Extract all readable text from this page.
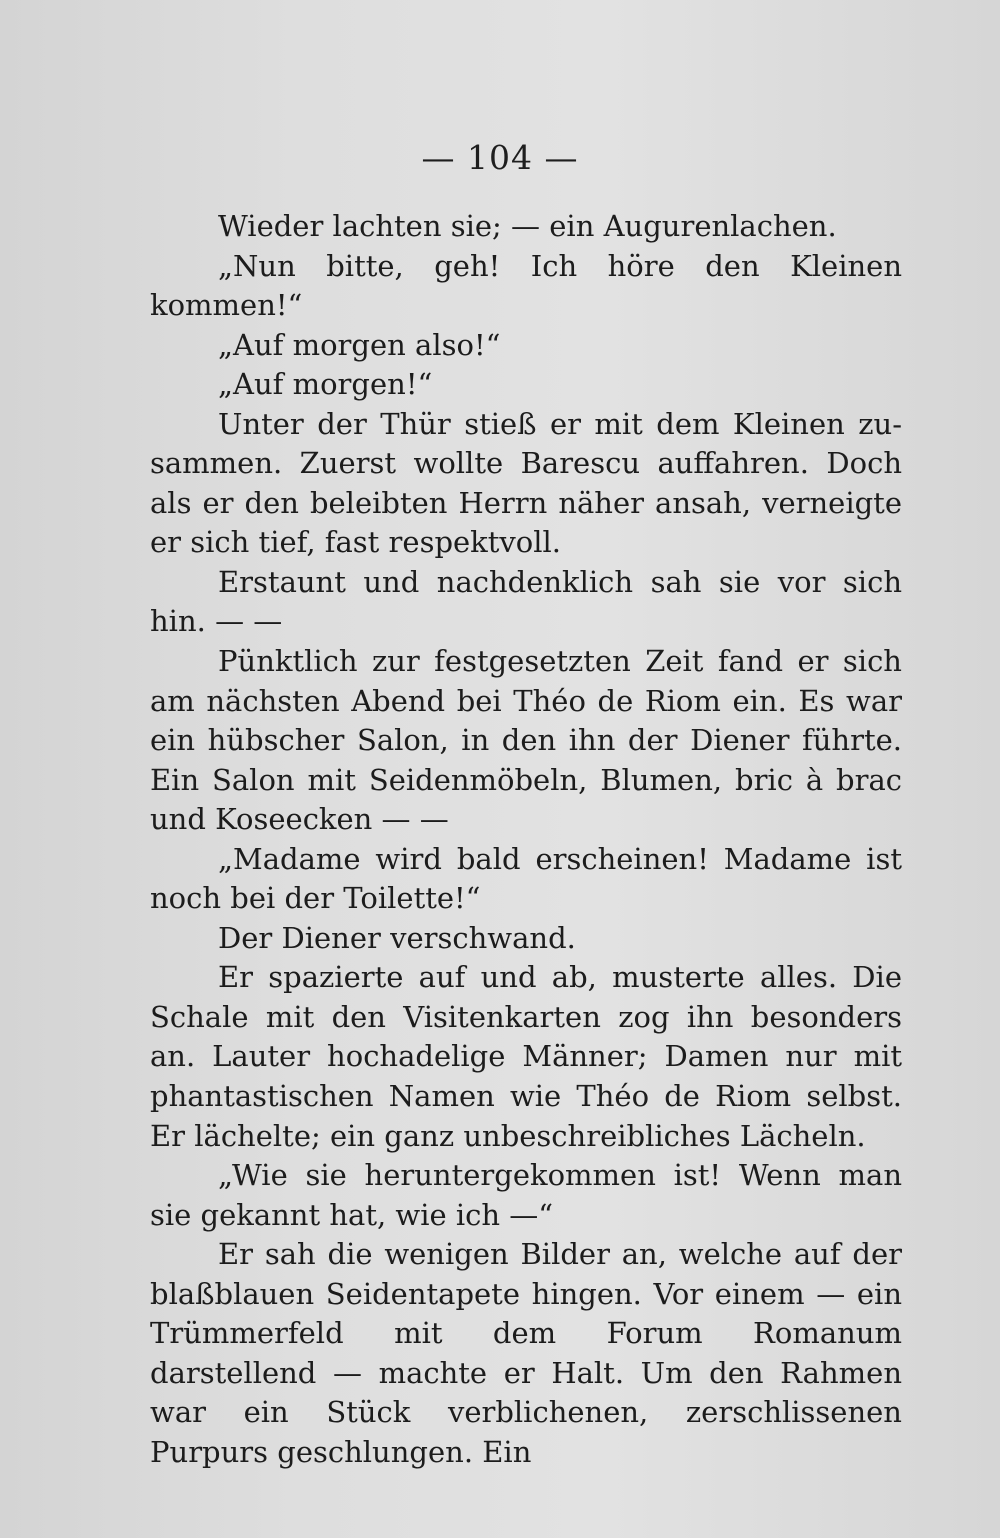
— 104 —

Wieder lachten sie; — ein Augurenlachen.

„Nun bitte, geh! Ich höre den Kleinen kommen!“

„Auf morgen also!“

„Auf morgen!“

Unter der Thür stieß er mit dem Kleinen zusammen. Zuerst wollte Barescu auffahren. Doch als er den beleibten Herrn näher ansah, verneigte er sich tief, fast respektvoll.

Erstaunt und nachdenklich sah sie vor sich hin. — —

Pünktlich zur festgesetzten Zeit fand er sich am nächsten Abend bei Théo de Riom ein. Es war ein hübscher Salon, in den ihn der Diener führte. Ein Salon mit Seidenmöbeln, Blumen, bric à brac und Koseecken — —

„Madame wird bald erscheinen! Madame ist noch bei der Toilette!“

Der Diener verschwand.

Er spazierte auf und ab, musterte alles. Die Schale mit den Visitenkarten zog ihn besonders an. Lauter hochadelige Männer; Damen nur mit phantastischen Namen wie Théo de Riom selbst. Er lächelte; ein ganz unbeschreibliches Lächeln.

„Wie sie heruntergekommen ist! Wenn man sie gekannt hat, wie ich —“

Er sah die wenigen Bilder an, welche auf der blaßblauen Seidentapete hingen. Vor einem — ein Trümmerfeld mit dem Forum Romanum darstellend — machte er Halt. Um den Rahmen war ein Stück verblichenen, zerschlissenen Purpurs geschlungen. Ein
